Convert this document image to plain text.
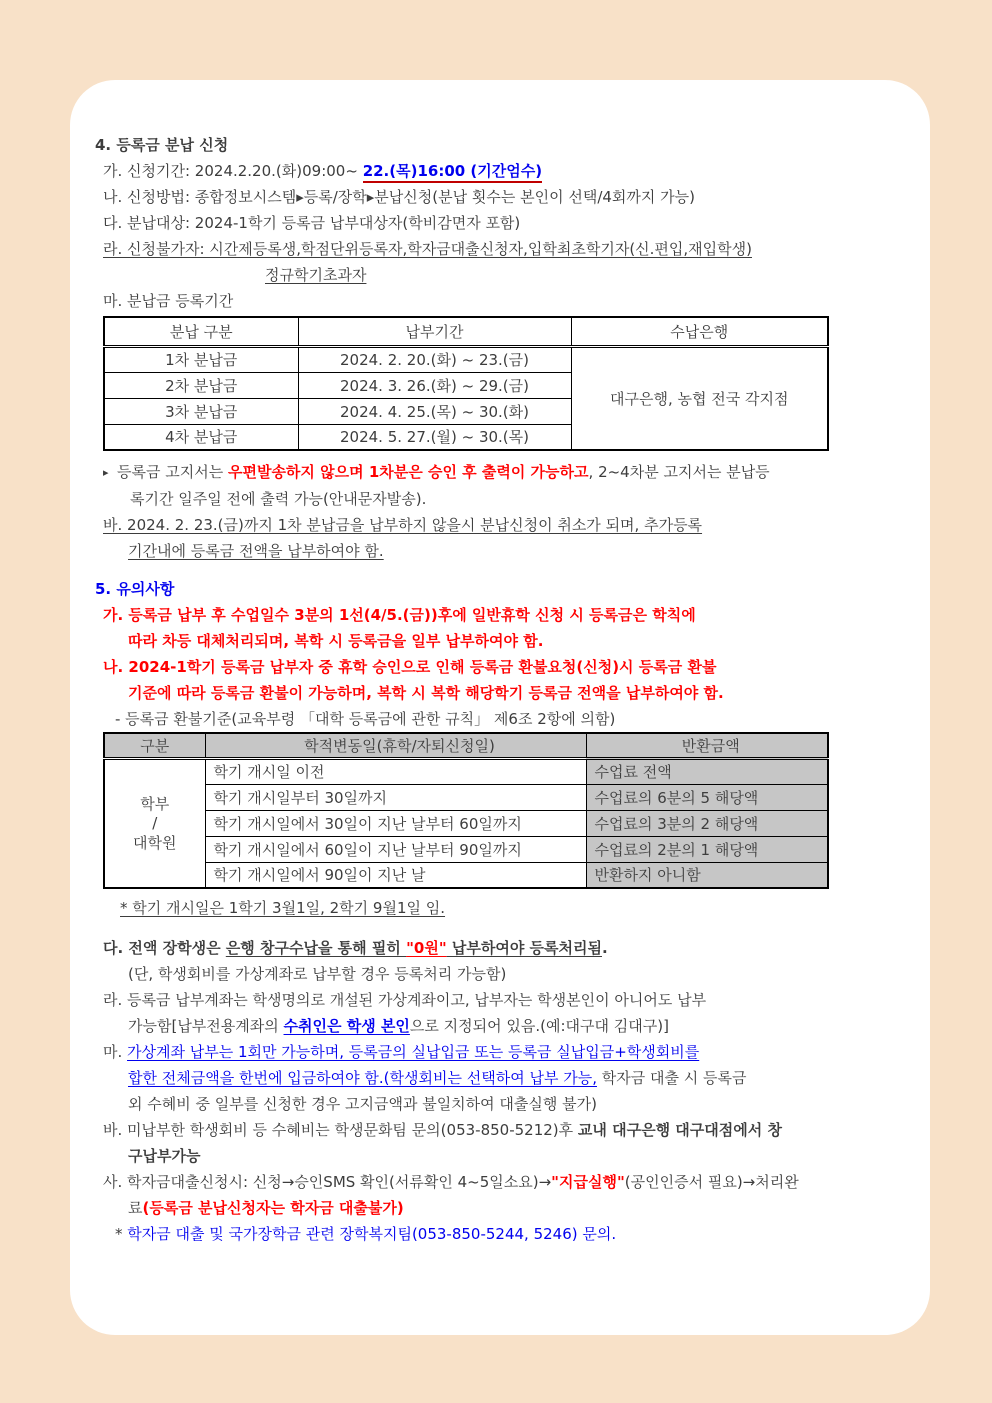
4. 등록금 분납 신청
가. 신청기간: 2024.2.20.(화)09:00~ 22.(목)16:00 (기간엄수)
나. 신청방법: 종합정보시스템▸등록/장학▸분납신청(분납 횟수는 본인이 선택/4회까지 가능)
다. 분납대상: 2024-1학기 등록금 납부대상자(학비감면자 포함)
라. 신청불가자: 시간제등록생,학점단위등록자,학자금대출신청자,입학최초학기자(신.편입,재입학생)
정규학기초과자
마. 분납금 등록기간
분납 구분	납부기간	수납은행
1차 분납금	2024. 2. 20.(화) ~ 23.(금)	대구은행, 농협 전국 각지점
2차 분납금	2024. 3. 26.(화) ~ 29.(금)	
3차 분납금	2024. 4. 25.(목) ~ 30.(화)	
4차 분납금	2024. 5. 27.(월) ~ 30.(목)	
▸ 등록금 고지서는 우편발송하지 않으며 1차분은 승인 후 출력이 가능하고, 2~4차분 고지서는 분납등
록기간 일주일 전에 출력 가능(안내문자발송).
바. 2024. 2. 23.(금)까지 1차 분납금을 납부하지 않을시 분납신청이 취소가 되며, 추가등록
기간내에 등록금 전액을 납부하여야 함.
5. 유의사항
가. 등록금 납부 후 수업일수 3분의 1선(4/5.(금))후에 일반휴학 신청 시 등록금은 학칙에
따라 차등 대체처리되며, 복학 시 등록금을 일부 납부하여야 함.
나. 2024-1학기 등록금 납부자 중 휴학 승인으로 인해 등록금 환불요청(신청)시 등록금 환불
기준에 따라 등록금 환불이 가능하며, 복학 시 복학 해당학기 등록금 전액을 납부하여야 함.
- 등록금 환불기준(교육부령 「대학 등록금에 관한 규칙」 제6조 2항에 의함)
구분	학적변동일(휴학/자퇴신청일)	반환금액

학부
/
대학원	학기 개시일 이전	수업료 전액
	학기 개시일부터 30일까지	수업료의 6분의 5 해당액
	학기 개시일에서 30일이 지난 날부터 60일까지	수업료의 3분의 2 해당액
	학기 개시일에서 60일이 지난 날부터 90일까지	수업료의 2분의 1 해당액
	학기 개시일에서 90일이 지난 날	반환하지 아니함
* 학기 개시일은 1학기 3월1일, 2학기 9월1일 임.
다. 전액 장학생은 은행 창구수납을 통해 필히 "0원" 납부하여야 등록처리됨.
(단, 학생회비를 가상계좌로 납부할 경우 등록처리 가능함)
라. 등록금 납부계좌는 학생명의로 개설된 가상계좌이고, 납부자는 학생본인이 아니어도 납부
가능함[납부전용계좌의 수취인은 학생 본인으로 지정되어 있음.(예:대구대 김대구)]
마. 가상계좌 납부는 1회만 가능하며, 등록금의 실납입금 또는 등록금 실납입금+학생회비를
합한 전체금액을 한번에 입금하여야 함.(학생회비는 선택하여 납부 가능, 학자금 대출 시 등록금
외 수혜비 중 일부를 신청한 경우 고지금액과 불일치하여 대출실행 불가)
바. 미납부한 학생회비 등 수혜비는 학생문화팀 문의(053-850-5212)후 교내 대구은행 대구대점에서 창
구납부가능
사. 학자금대출신청시: 신청→승인SMS 확인(서류확인 4~5일소요)→"지급실행"(공인인증서 필요)→처리완
료(등록금 분납신청자는 학자금 대출불가)
* 학자금 대출 및 국가장학금 관련 장학복지팀(053-850-5244, 5246) 문의.
